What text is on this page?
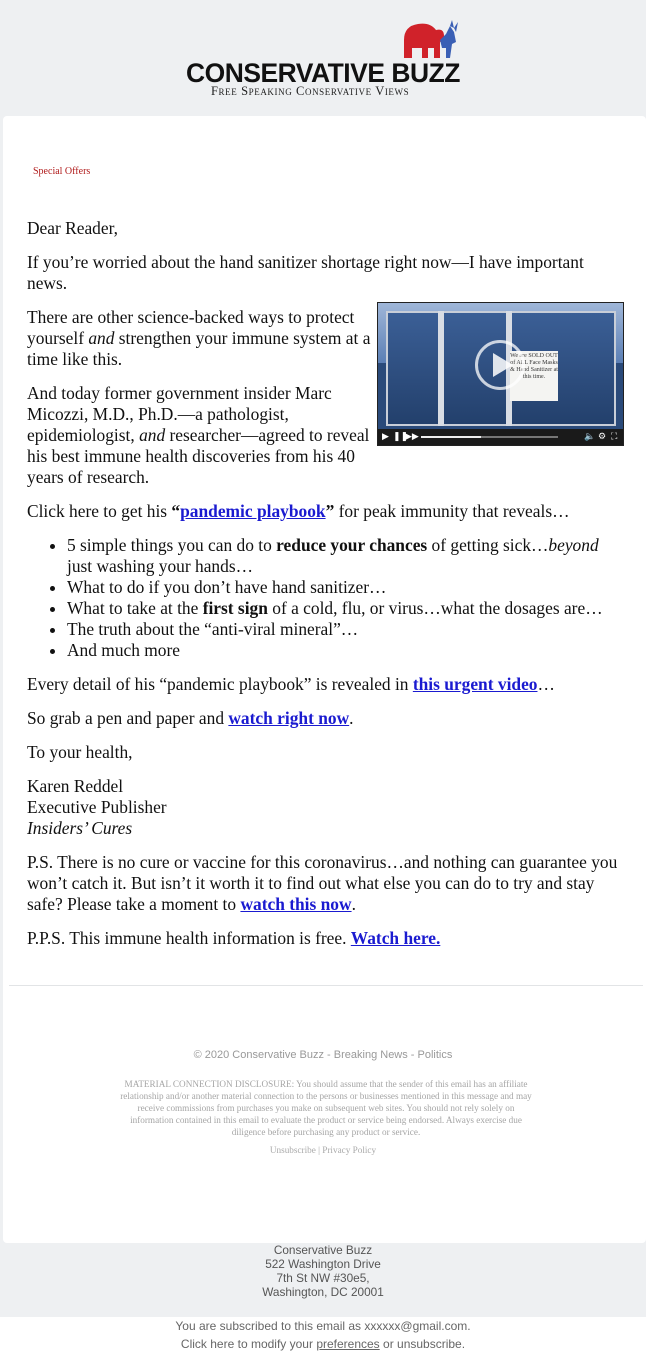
CONSERVATIVE BUZZ
Free Speaking Conservative Views
Special Offers

Dear Reader,

If you’re worried about the hand sanitizer shortage right now—I have important news.

We are SOLD OUT of ALL Face Masks & Hand Sanitizer at this time.
▶ ❚❚
▶▶	🔈 ⚙ ⛶

There are other science-backed ways to protect yourself and strengthen your immune system at a time like this.

And today former government insider Marc Micozzi, M.D., Ph.D.—a pathologist, epidemiologist, and researcher—agreed to reveal his best immune health discoveries from his 40 years of research.

Click here to get his “pandemic playbook” for peak immunity that reveals…

• 5 simple things you can do to reduce your chances of getting sick…beyond just washing your hands…
• What to do if you don’t have hand sanitizer…
• What to take at the first sign of a cold, flu, or virus…what the dosages are…
• The truth about the “anti-viral mineral”…
• And much more

Every detail of his “pandemic playbook” is revealed in this urgent video…

So grab a pen and paper and watch right now.

To your health,

Karen Reddel
Executive Publisher
Insiders’ Cures

P.S. There is no cure or vaccine for this coronavirus…and nothing can guarantee you won’t catch it. But isn’t it worth it to find out what else you can do to try and stay safe? Please take a moment to watch this now.

P.P.S. This immune health information is free. Watch here.

© 2020 Conservative Buzz - Breaking News - Politics
MATERIAL CONNECTION DISCLOSURE: You should assume that the sender of this email has an affiliate relationship and/or another material connection to the persons or businesses mentioned in this message and may receive commissions from purchases you make on subsequent web sites. You should not rely solely on information contained in this email to evaluate the product or service being endorsed. Always exercise due diligence before purchasing any product or service.
Unsubscribe | Privacy Policy
Conservative Buzz
522 Washington Drive
7th St NW #30e5,
Washington, DC 20001
You are subscribed to this email as xxxxxx@gmail.com.
Click here to modify your preferences or unsubscribe.
